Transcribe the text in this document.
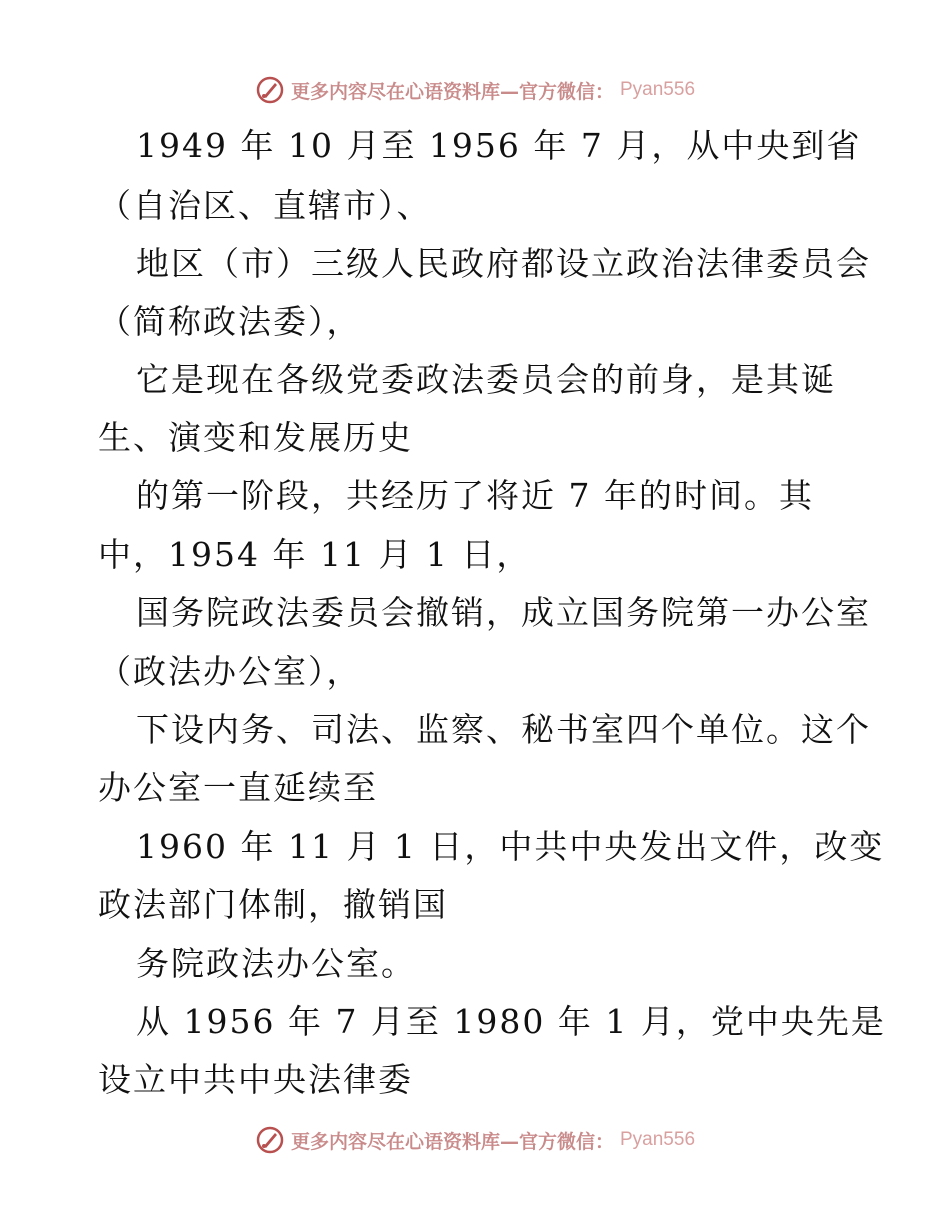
更多内容尽在心语资料库—官方微信： Pyan556
1949 年 10 月至 1956 年 7 月，从中央到省
（自治区、直辖市）、
地区（市）三级人民政府都设立政治法律委员会
（简称政法委），
它是现在各级党委政法委员会的前身，是其诞
生、演变和发展历史
的第一阶段，共经历了将近 7 年的时间。其
中，1954 年 11 月 1 日，
国务院政法委员会撤销，成立国务院第一办公室
（政法办公室），
下设内务、司法、监察、秘书室四个单位。这个
办公室一直延续至
1960 年 11 月 1 日，中共中央发出文件，改变
政法部门体制，撤销国
务院政法办公室。
从 1956 年 7 月至 1980 年 1 月，党中央先是
设立中共中央法律委
更多内容尽在心语资料库—官方微信： Pyan556
